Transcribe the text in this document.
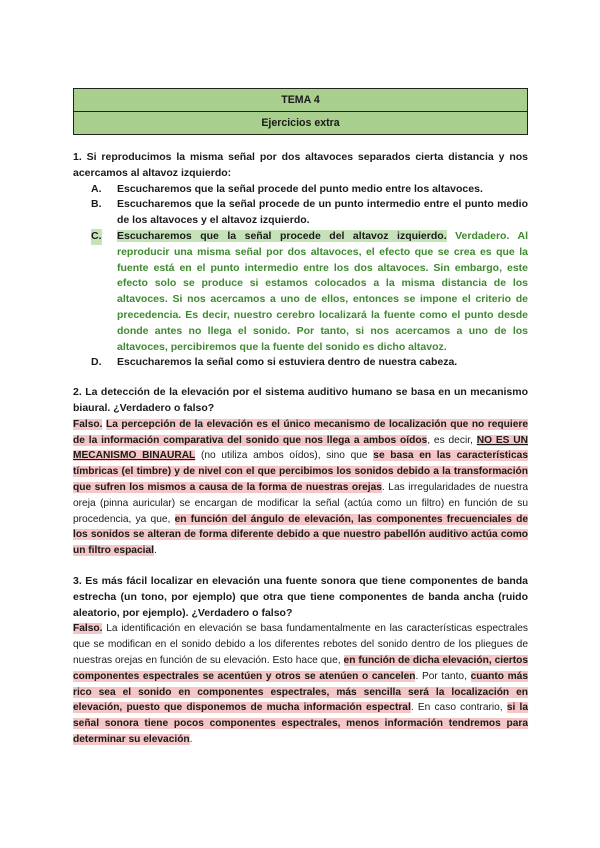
TEMA 4
Ejercicios extra

1. Si reproducimos la misma señal por dos altavoces separados cierta distancia y nos acercamos al altavoz izquierdo:

A. Escucharemos que la señal procede del punto medio entre los altavoces.
B. Escucharemos que la señal procede de un punto intermedio entre el punto medio de los altavoces y el altavoz izquierdo.
C. Escucharemos que la señal procede del altavoz izquierdo. Verdadero. Al reproducir una misma señal por dos altavoces, el efecto que se crea es que la fuente está en el punto intermedio entre los dos altavoces. Sin embargo, este efecto solo se produce si estamos colocados a la misma distancia de los altavoces. Si nos acercamos a uno de ellos, entonces se impone el criterio de precedencia. Es decir, nuestro cerebro localizará la fuente como el punto desde donde antes no llega el sonido. Por tanto, si nos acercamos a uno de los altavoces, percibiremos que la fuente del sonido es dicho altavoz.
D. Escucharemos la señal como si estuviera dentro de nuestra cabeza.

2. La detección de la elevación por el sistema auditivo humano se basa en un mecanismo biaural. ¿Verdadero o falso?

Falso. La percepción de la elevación es el único mecanismo de localización que no requiere de la información comparativa del sonido que nos llega a ambos oídos, es decir, NO ES UN MECANISMO BINAURAL (no utiliza ambos oídos), sino que se basa en las características tímbricas (el timbre) y de nivel con el que percibimos los sonidos debido a la transformación que sufren los mismos a causa de la forma de nuestras orejas. Las irregularidades de nuestra oreja (pinna auricular) se encargan de modificar la señal (actúa como un filtro) en función de su procedencia, ya que, en función del ángulo de elevación, las componentes frecuenciales de los sonidos se alteran de forma diferente debido a que nuestro pabellón auditivo actúa como un filtro espacial.

3. Es más fácil localizar en elevación una fuente sonora que tiene componentes de banda estrecha (un tono, por ejemplo) que otra que tiene componentes de banda ancha (ruido aleatorio, por ejemplo). ¿Verdadero o falso?

Falso. La identificación en elevación se basa fundamentalmente en las características espectrales que se modifican en el sonido debido a los diferentes rebotes del sonido dentro de los pliegues de nuestras orejas en función de su elevación. Esto hace que, en función de dicha elevación, ciertos componentes espectrales se acentúen y otros se atenúen o cancelen. Por tanto, cuanto más rico sea el sonido en componentes espectrales, más sencilla será la localización en elevación, puesto que disponemos de mucha información espectral. En caso contrario, si la señal sonora tiene pocos componentes espectrales, menos información tendremos para determinar su elevación.
